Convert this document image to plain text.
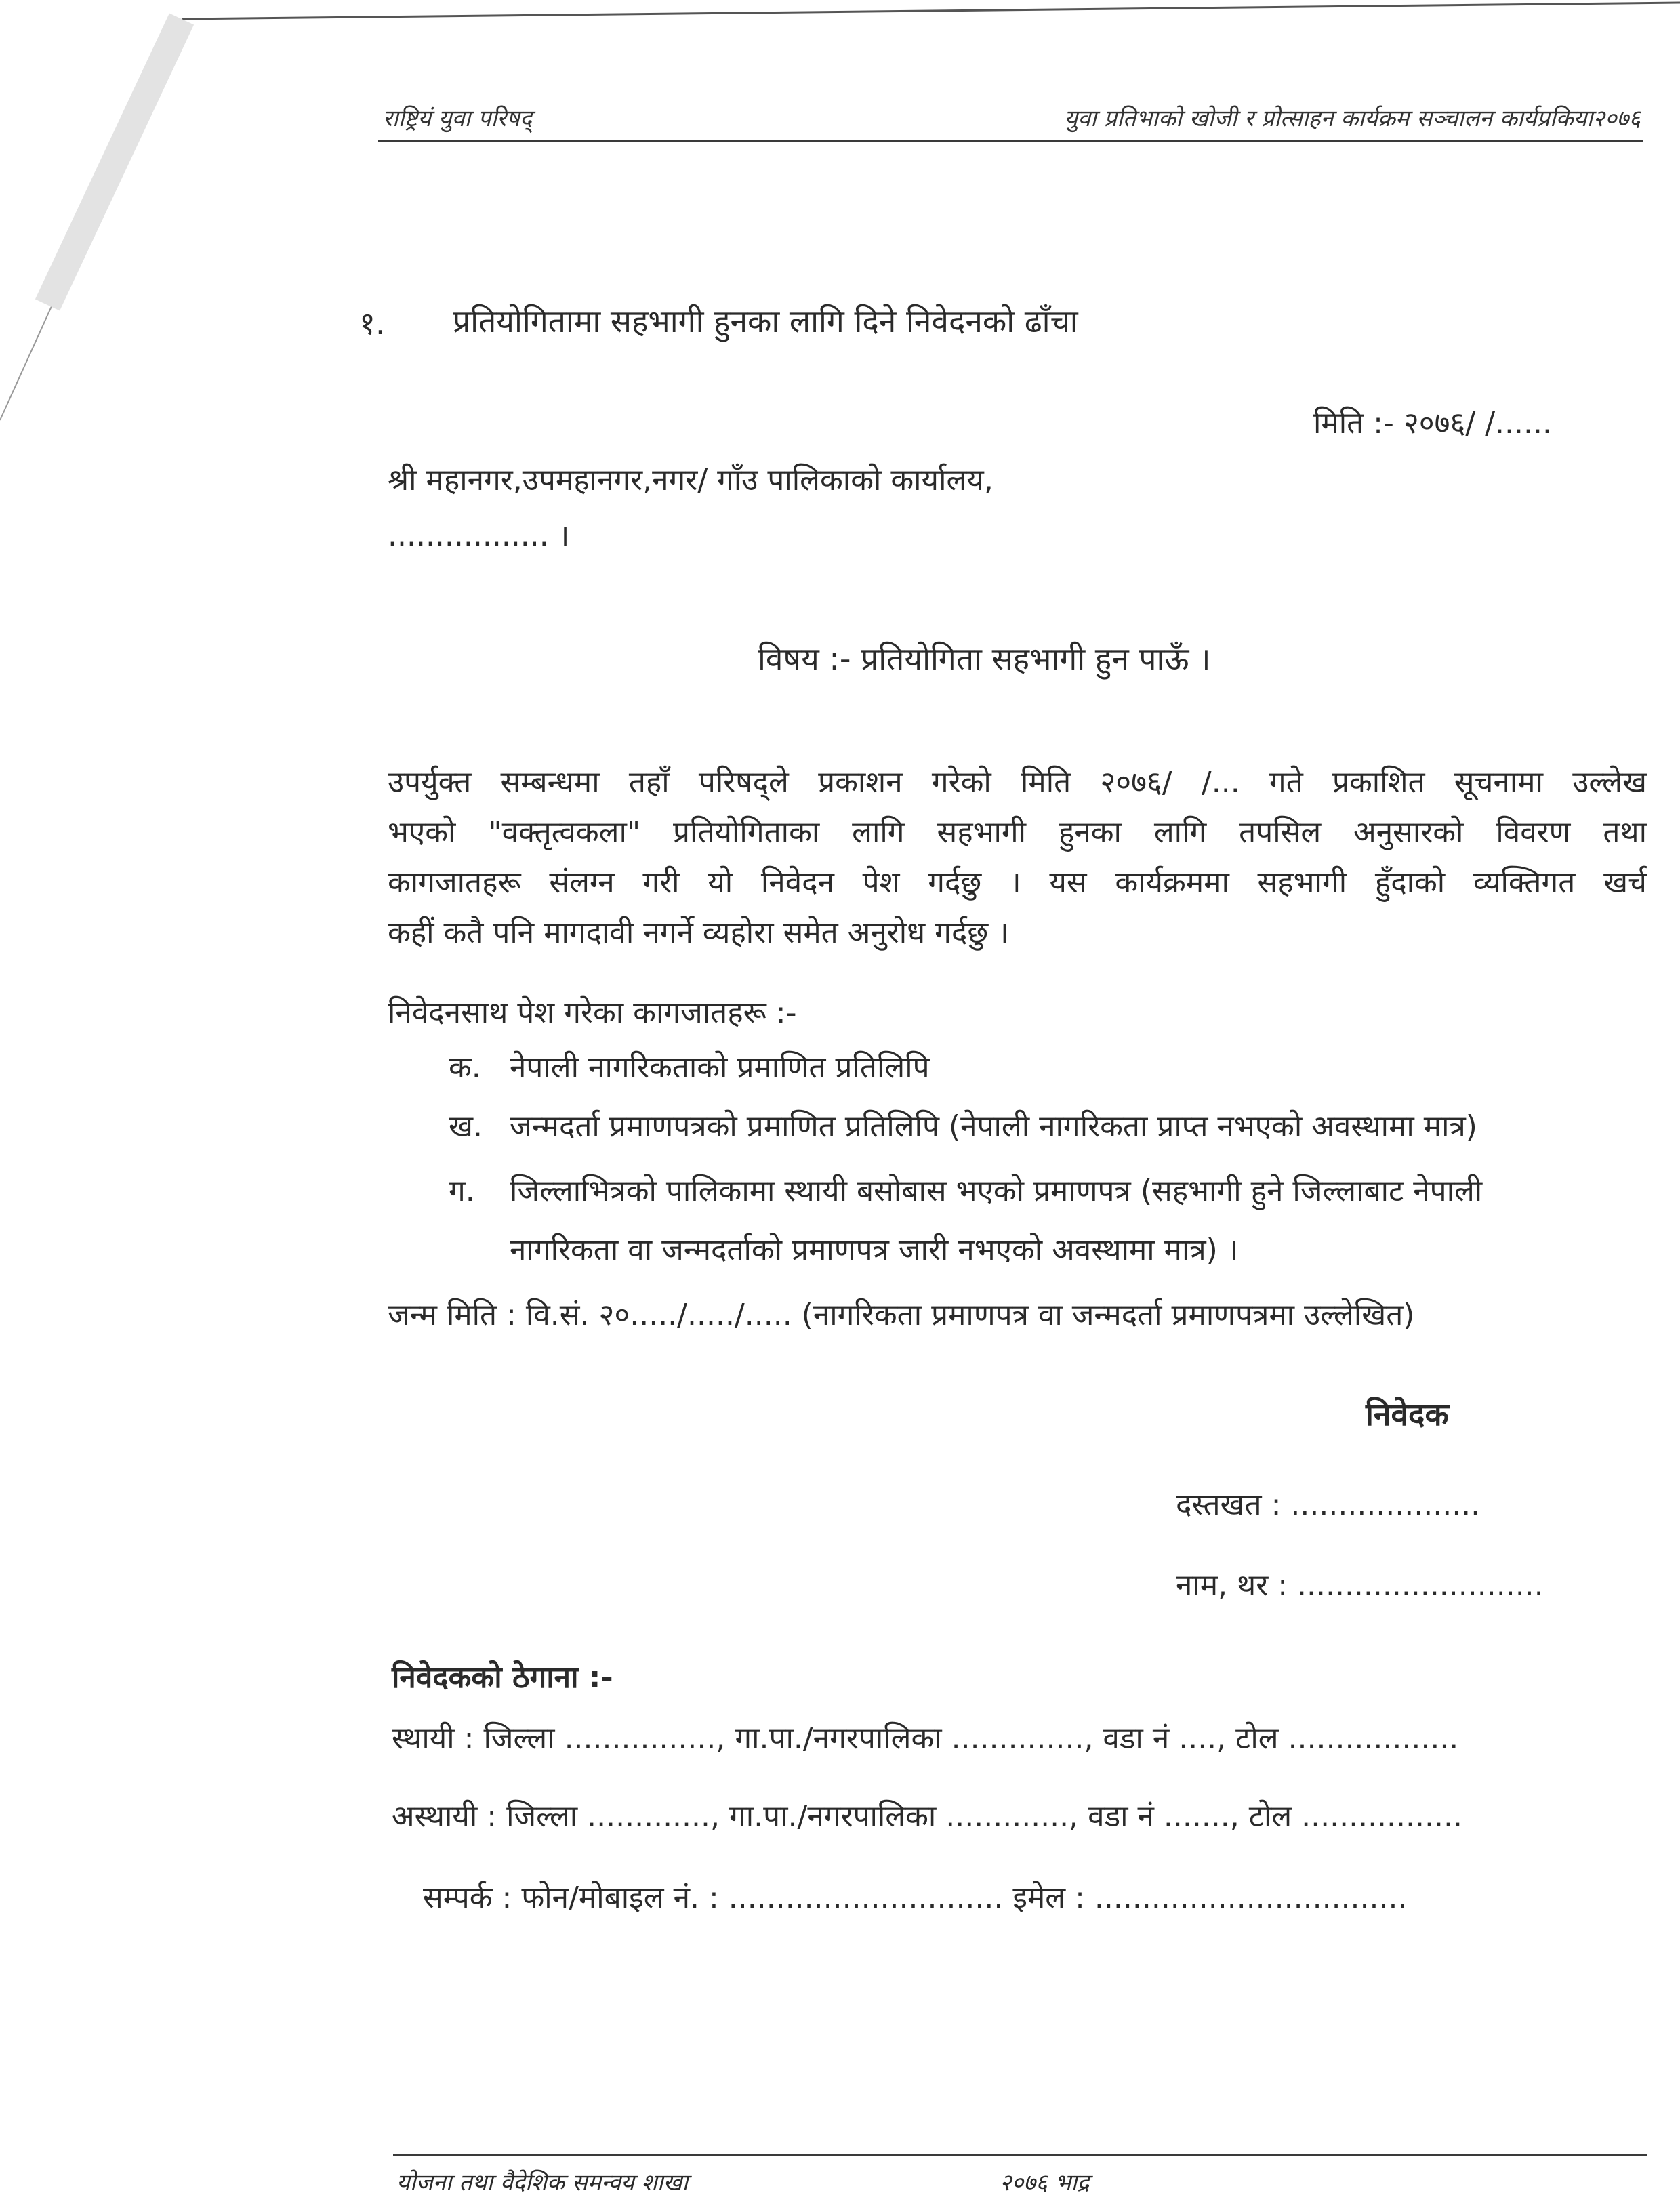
राष्ट्रियं युवा परिषद्	युवा प्रतिभाको खोजी र प्रोत्साहन कार्यक्रम सञ्चालन कार्यप्रकिया२०७६
१. प्रतियोगितामा सहभागी हुनका लागि दिने निवेदनको ढाँचा
मिति :- २०७६/ /......
श्री महानगर,उपमहानगर,नगर/ गाँउ पालिकाको कार्यालय,
................. ।
विषय :- प्रतियोगिता सहभागी हुन पाऊँ ।

उपर्युक्त सम्बन्धमा तहाँ परिषद्ले प्रकाशन गरेको मिति २०७६/ /... गते प्रकाशित सूचनामा उल्लेख

भएको "वक्तृत्वकला" प्रतियोगिताका लागि सहभागी हुनका लागि तपसिल अनुसारको विवरण तथा

कागजातहरू संलग्न गरी यो निवेदन पेश गर्दछु । यस कार्यक्रममा सहभागी हुँदाको व्यक्तिगत खर्च

कहीं कतै पनि मागदावी नगर्ने व्यहोरा समेत अनुरोध गर्दछु ।

निवेदनसाथ पेश गरेका कागजातहरू :-
क. नेपाली नागरिकताको प्रमाणित प्रतिलिपि
ख. जन्मदर्ता प्रमाणपत्रको प्रमाणित प्रतिलिपि (नेपाली नागरिकता प्राप्त नभएको अवस्थामा मात्र)
ग. जिल्लाभित्रको पालिकामा स्थायी बसोबास भएको प्रमाणपत्र (सहभागी हुने जिल्लाबाट नेपाली
नागरिकता वा जन्मदर्ताको प्रमाणपत्र जारी नभएको अवस्थामा मात्र) ।
जन्म मिति : वि.सं. २०...../...../..... (नागरिकता प्रमाणपत्र वा जन्मदर्ता प्रमाणपत्रमा उल्लेखित)
निवेदक
दस्तखत : ....................
नाम, थर : ..........................
निवेदकको ठेगाना :-
स्थायी : जिल्ला ................, गा.पा./नगरपालिका .............., वडा नं ...., टोल ..................
अस्थायी : जिल्ला ............., गा.पा./नगरपालिका ............., वडा नं ......., टोल .................
सम्पर्क : फोन/मोबाइल नं. : ............................. इमेल : .................................
योजना तथा वैदेशिक समन्वय शाखा	२०७६ भाद्र
